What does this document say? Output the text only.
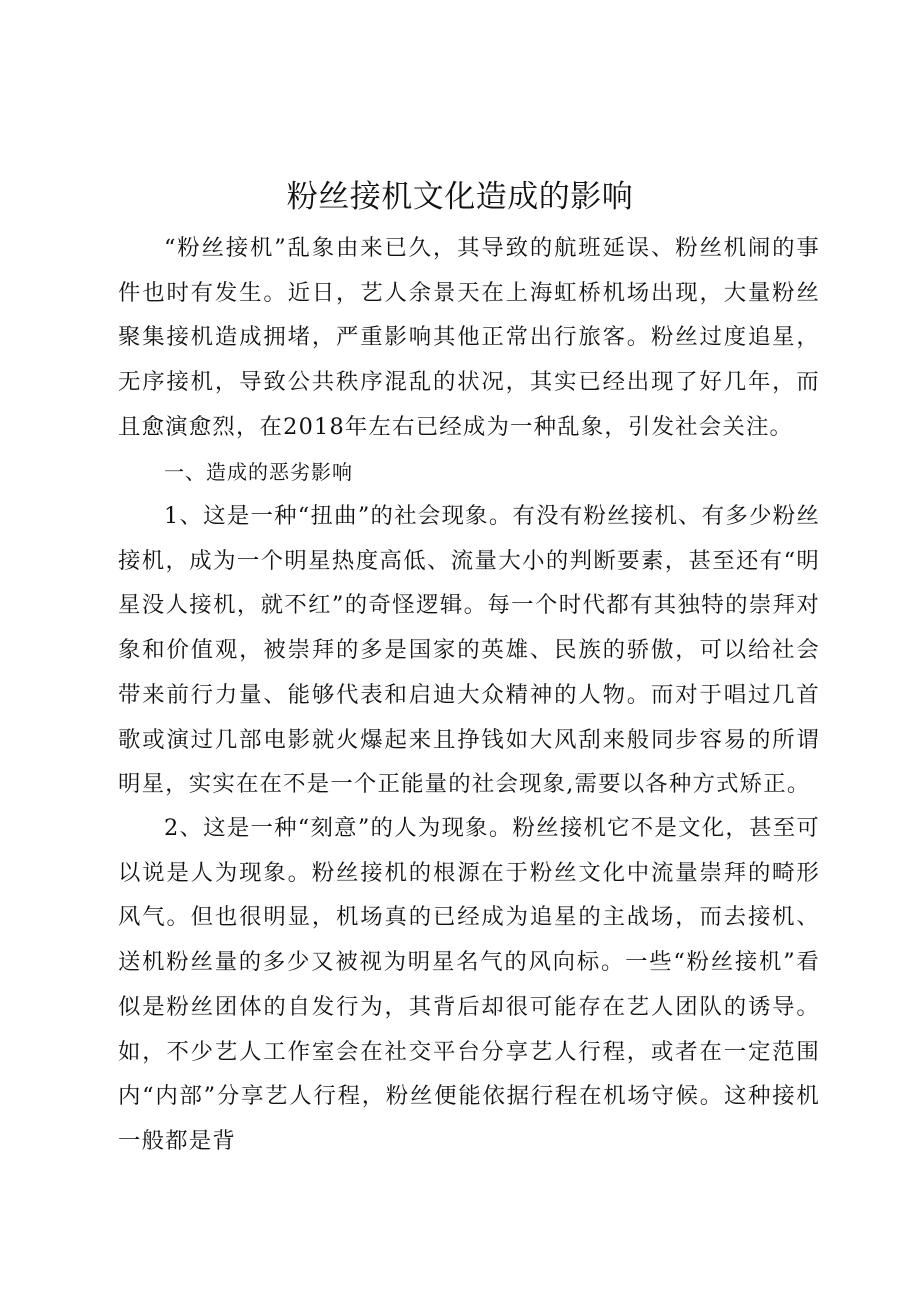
粉丝接机文化造成的影响

“粉丝接机”乱象由来已久，其导致的航班延误、粉丝机闹的事件也时有发生。近日，艺人余景天在上海虹桥机场出现，大量粉丝聚集接机造成拥堵，严重影响其他正常出行旅客。粉丝过度追星，无序接机，导致公共秩序混乱的状况，其实已经出现了好几年，而且愈演愈烈，在2018年左右已经成为一种乱象，引发社会关注。

一、造成的恶劣影响

1、这是一种“扭曲”的社会现象。有没有粉丝接机、有多少粉丝接机，成为一个明星热度高低、流量大小的判断要素，甚至还有“明星没人接机，就不红”的奇怪逻辑。每一个时代都有其独特的崇拜对象和价值观，被崇拜的多是国家的英雄、民族的骄傲，可以给社会带来前行力量、能够代表和启迪大众精神的人物。而对于唱过几首歌或演过几部电影就火爆起来且挣钱如大风刮来般同步容易的所谓明星，实实在在不是一个正能量的社会现象,需要以各种方式矫正。

2、这是一种“刻意”的人为现象。粉丝接机它不是文化，甚至可以说是人为现象。粉丝接机的根源在于粉丝文化中流量崇拜的畸形风气。但也很明显，机场真的已经成为追星的主战场，而去接机、送机粉丝量的多少又被视为明星名气的风向标。一些“粉丝接机”看似是粉丝团体的自发行为，其背后却很可能存在艺人团队的诱导。如，不少艺人工作室会在社交平台分享艺人行程，或者在一定范围内“内部”分享艺人行程，粉丝便能依据行程在机场守候。这种接机一般都是背
